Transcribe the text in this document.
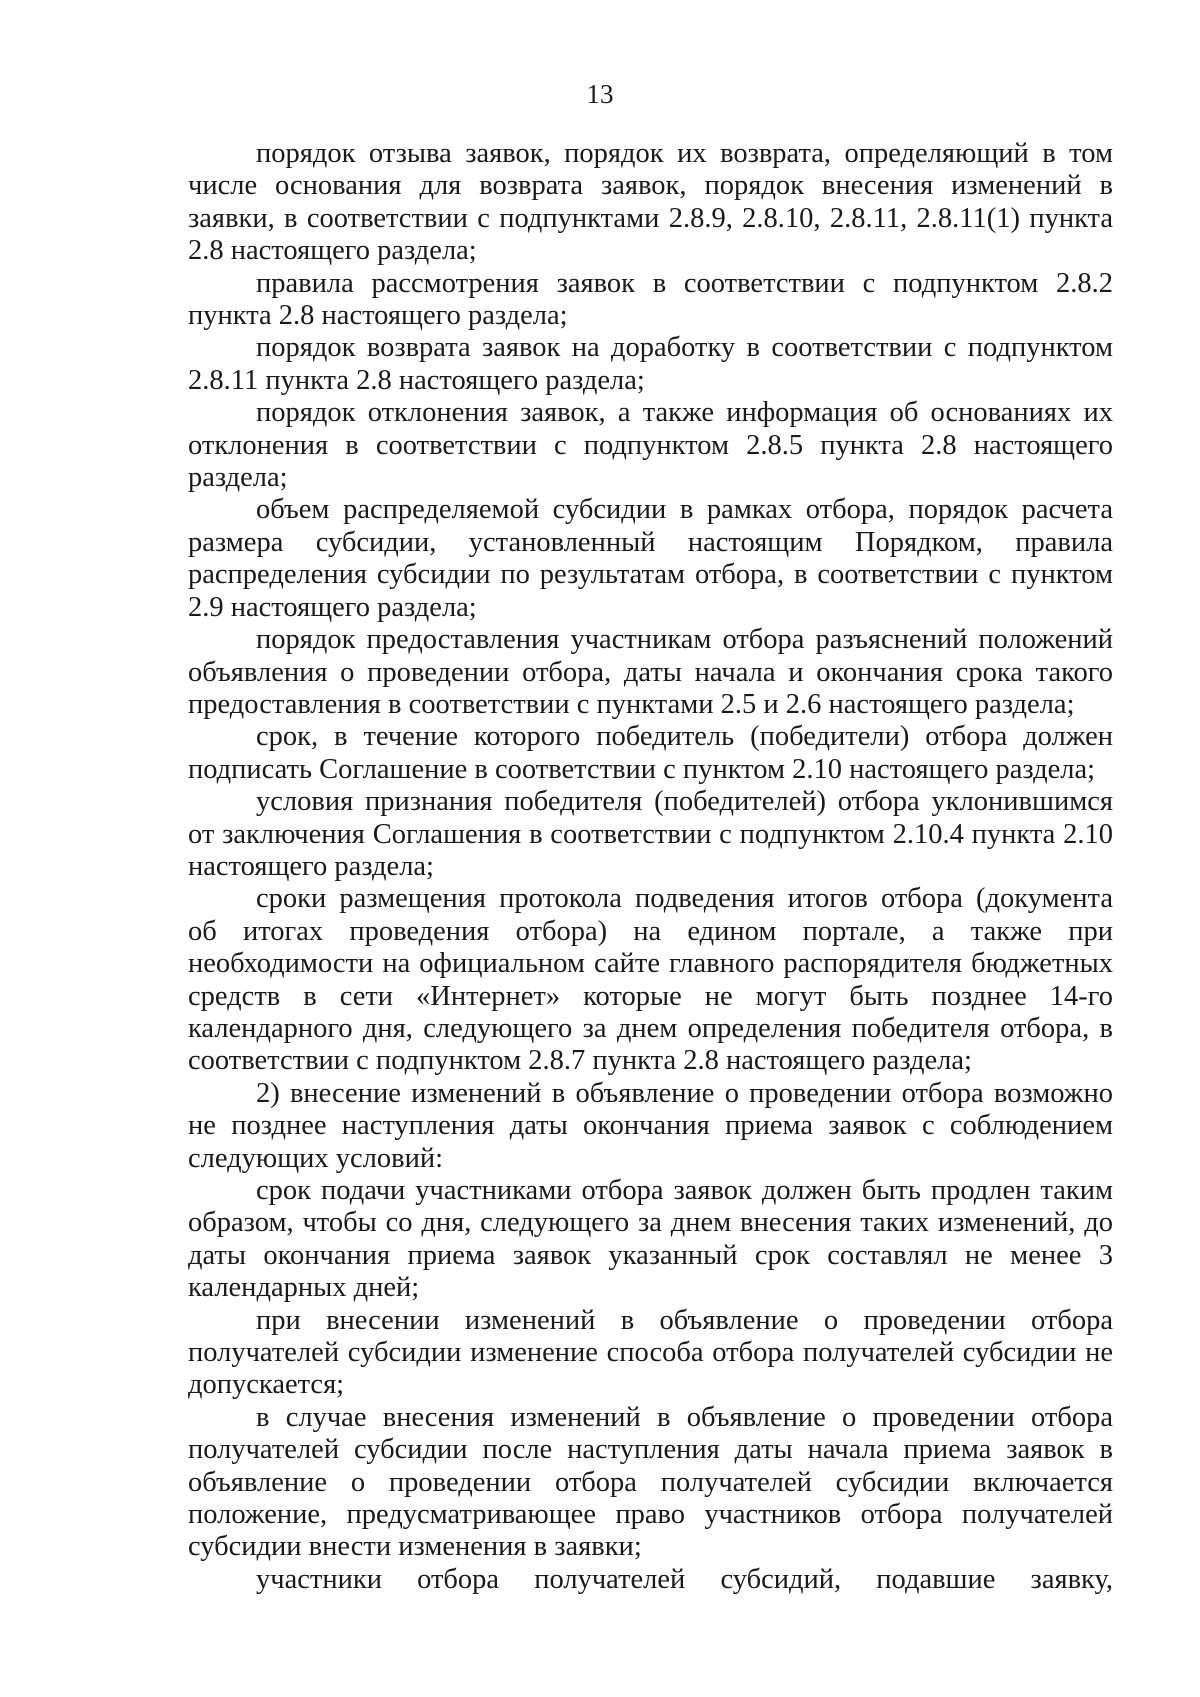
13

порядок отзыва заявок, порядок их возврата, определяющий в том числе основания для возврата заявок, порядок внесения изменений в заявки, в соответствии с подпунктами 2.8.9, 2.8.10, 2.8.11, 2.8.11(1) пункта 2.8 настоящего раздела;

правила рассмотрения заявок в соответствии с подпунктом 2.8.2 пункта 2.8 настоящего раздела;

порядок возврата заявок на доработку в соответствии с подпунктом 2.8.11 пункта 2.8 настоящего раздела;

порядок отклонения заявок, а также информация об основаниях их отклонения в соответствии с подпунктом 2.8.5 пункта 2.8 настоящего раздела;

объем распределяемой субсидии в рамках отбора, порядок расчета размера субсидии, установленный настоящим Порядком, правила распределения субсидии по результатам отбора, в соответствии с пунктом 2.9 настоящего раздела;

порядок предоставления участникам отбора разъяснений положений объявления о проведении отбора, даты начала и окончания срока такого предоставления в соответствии с пунктами 2.5 и 2.6 настоящего раздела;

срок, в течение которого победитель (победители) отбора должен подписать Соглашение в соответствии с пунктом 2.10 настоящего раздела;

условия признания победителя (победителей) отбора уклонившимся от заключения Соглашения в соответствии с подпунктом 2.10.4 пункта 2.10 настоящего раздела;

сроки размещения протокола подведения итогов отбора (документа об итогах проведения отбора) на едином портале, а также при необходимости на официальном сайте главного распорядителя бюджетных средств в сети «Интернет» которые не могут быть позднее 14-го календарного дня, следующего за днем определения победителя отбора, в соответствии с подпунктом 2.8.7 пункта 2.8 настоящего раздела;

2) внесение изменений в объявление о проведении отбора возможно не позднее наступления даты окончания приема заявок с соблюдением следующих условий:

срок подачи участниками отбора заявок должен быть продлен таким образом, чтобы со дня, следующего за днем внесения таких изменений, до даты окончания приема заявок указанный срок составлял не менее 3 календарных дней;

при внесении изменений в объявление о проведении отбора получателей субсидии изменение способа отбора получателей субсидии не допускается;

в случае внесения изменений в объявление о проведении отбора получателей субсидии после наступления даты начала приема заявок в объявление о проведении отбора получателей субсидии включается положение, предусматривающее право участников отбора получателей субсидии внести изменения в заявки;

участники отбора получателей субсидий, подавшие заявку,
